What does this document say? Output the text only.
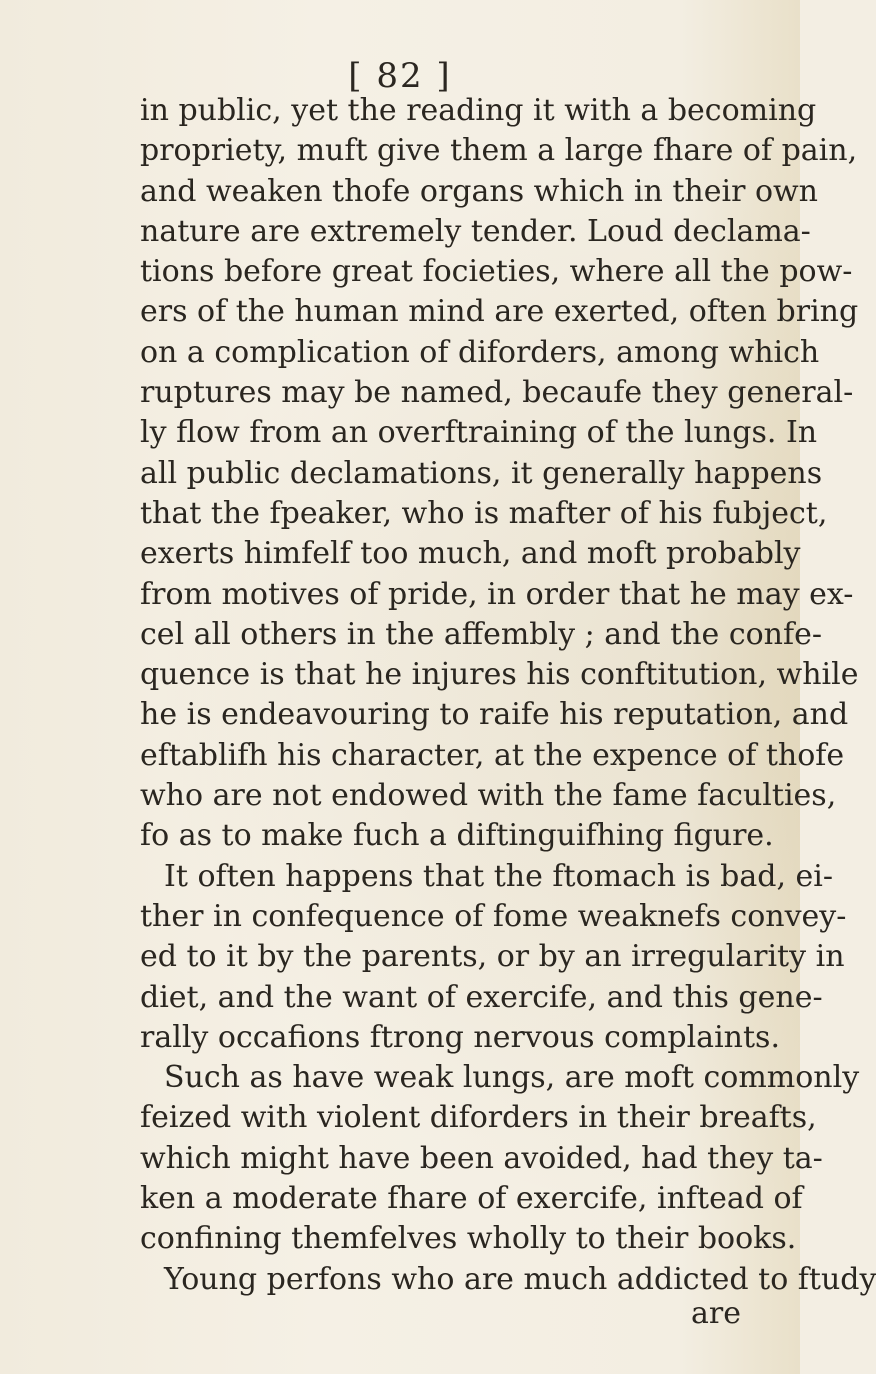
[ 82 ]
in public, yet the reading it with a becoming
propriety, muft give them a large fhare of pain,
and weaken thofe organs which in their own
nature are extremely tender. Loud declama-
tions before great focieties, where all the pow-
ers of the human mind are exerted, often bring
on a complication of diforders, among which
ruptures may be named, becaufe they general-
ly flow from an overftraining of the lungs. In
all public declamations, it generally happens
that the fpeaker, who is mafter of his fubject,
exerts himfelf too much, and moft probably
from motives of pride, in order that he may ex-
cel all others in the affembly ; and the confe-
quence is that he injures his conftitution, while
he is endeavouring to raife his reputation, and
eftablifh his character, at the expence of thofe
who are not endowed with the fame faculties,
fo as to make fuch a diftinguifhing figure.
It often happens that the ftomach is bad, ei-
ther in confequence of fome weaknefs convey-
ed to it by the parents, or by an irregularity in
diet, and the want of exercife, and this gene-
rally occafions ftrong nervous complaints.
Such as have weak lungs, are moft commonly
feized with violent diforders in their breafts,
which might have been avoided, had they ta-
ken a moderate fhare of exercife, inftead of
confining themfelves wholly to their books.
Young perfons who are much addicted to ftudy
are
